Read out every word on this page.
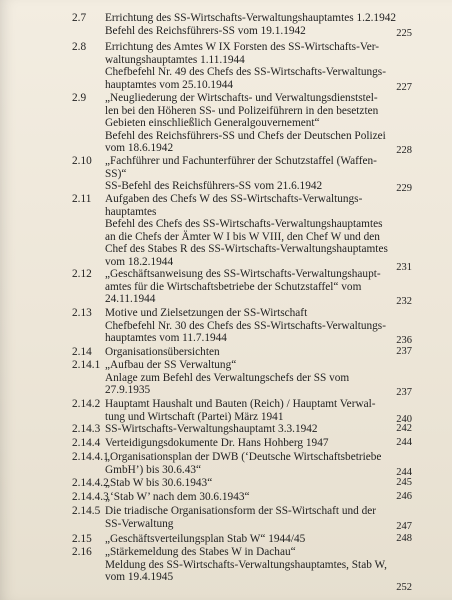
2.7 Errichtung des SS-Wirtschafts-Verwaltungshauptamtes 1.2.1942
Befehl des Reichsführers-SS vom 19.1.1942	225
2.8 Errichtung des Amtes W IX Forsten des SS-Wirtschafts-Ver-
waltungshauptamtes 1.11.1944
Chefbefehl Nr. 49 des Chefs des SS-Wirtschafts-Verwaltungs-
hauptamtes vom 25.10.1944	227
2.9 „Neugliederung der Wirtschafts- und Verwaltungsdienststel-
len bei den Höheren SS- und Polizeiführern in den besetzten
Gebieten einschließlich Generalgouvernement“
Befehl des Reichsführers-SS und Chefs der Deutschen Polizei
vom 18.6.1942	228
2.10 „Fachführer und Fachunterführer der Schutzstaffel (Waffen-
SS)“
SS-Befehl des Reichsführers-SS vom 21.6.1942	229
2.11 Aufgaben des Chefs W des SS-Wirtschafts-Verwaltungs-
hauptamtes
Befehl des Chefs des SS-Wirtschafts-Verwaltungshauptamtes
an die Chefs der Ämter W I bis W VIII, den Chef W und den
Chef des Stabes R des SS-Wirtschafts-Verwaltungshauptamtes
vom 18.2.1944	231
2.12 „Geschäftsanweisung des SS-Wirtschafts-Verwaltungshaupt-
amtes für die Wirtschaftsbetriebe der Schutzstaffel“ vom
24.11.1944	232
2.13 Motive und Zielsetzungen der SS-Wirtschaft
Chefbefehl Nr. 30 des Chefs des SS-Wirtschafts-Verwaltungs-
hauptamtes vom 11.7.1944	236
2.14 Organisationsübersichten	237
2.14.1 „Aufbau der SS Verwaltung“
Anlage zum Befehl des Verwaltungschefs der SS vom
27.9.1935	237
2.14.2 Hauptamt Haushalt und Bauten (Reich) / Hauptamt Verwal-
tung und Wirtschaft (Partei) März 1941	240
2.14.3 SS-Wirtschafts-Verwaltungshauptamt 3.3.1942	242
2.14.4 Verteidigungsdokumente Dr. Hans Hohberg 1947	244
2.14.4.1
„Organisationsplan der DWB (‘Deutsche Wirtschaftsbetriebe
GmbH’) bis 30.6.43“	244
2.14.4.2
„Stab W bis 30.6.1943“	245
2.14.4.3
„‘Stab W’ nach dem 30.6.1943“	246
2.14.5 Die triadische Organisationsform der SS-Wirtschaft und der
SS-Verwaltung	247
2.15 „Geschäftsverteilungsplan Stab W“ 1944/45	248
2.16 „Stärkemeldung des Stabes W in Dachau“
Meldung des SS-Wirtschafts-Verwaltungshauptamtes, Stab W,
vom 19.4.1945
252
